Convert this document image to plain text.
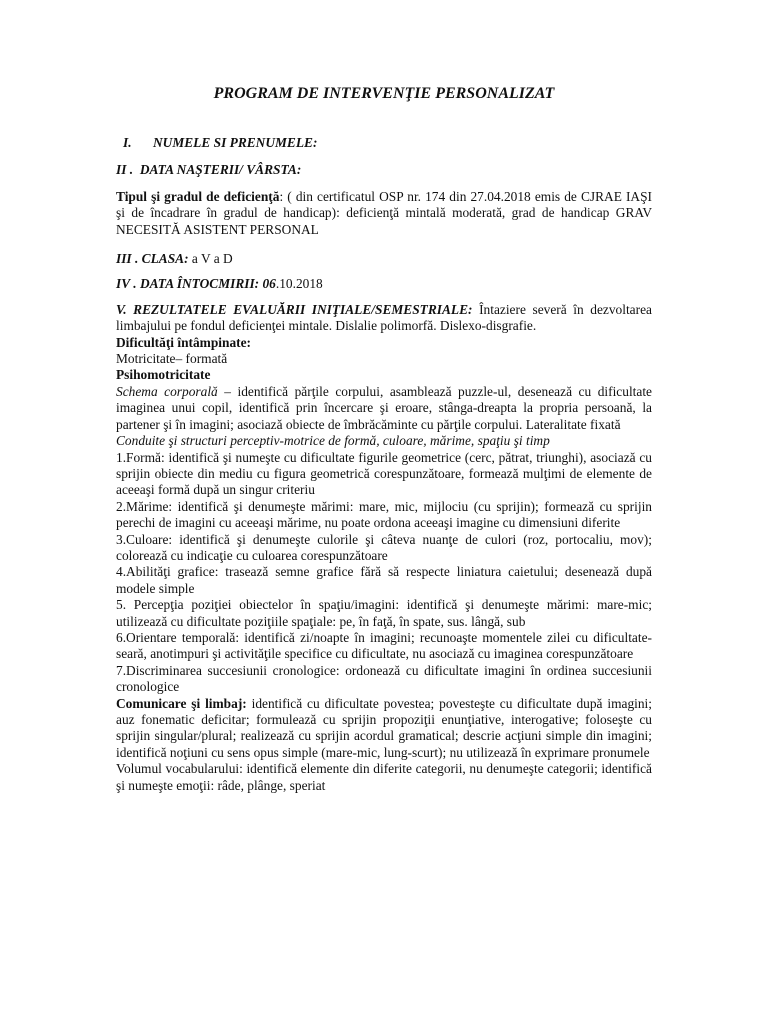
PROGRAM DE INTERVENŢIE PERSONALIZAT

I. NUMELE SI PRENUMELE:

II .  DATA NAŞTERII/ VÂRSTA:

Tipul şi gradul de deficienţă: ( din certificatul OSP nr. 174 din 27.04.2018 emis de CJRAE IAŞI şi de încadrare în gradul de handicap): deficienţă mintală moderată, grad de handicap GRAV NECESITĂ ASISTENT PERSONAL

III . CLASA: a V a D

IV . DATA ÎNTOCMIRII: 06.10.2018

V. REZULTATELE EVALUĂRII INIŢIALE/SEMESTRIALE: Întaziere severă în dezvoltarea limbajului pe fondul deficienţei mintale. Dislalie polimorfă. Dislexo-disgrafie.

Dificultăţi întâmpinate:

Motricitate– formată

Psihomotricitate

Schema corporală – identifică părţile corpului, asamblează puzzle-ul, desenează cu dificultate imaginea unui copil, identifică prin încercare şi eroare, stânga-dreapta la propria persoană, la partener şi în imagini; asociază obiecte de îmbrăcăminte cu părţile corpului. Lateralitate fixată

Conduite şi structuri perceptiv-motrice de formă, culoare, mărime, spaţiu şi timp

1.Formă: identifică şi numeşte cu dificultate figurile geometrice (cerc, pătrat, triunghi), asociază cu sprijin obiecte din mediu cu figura geometrică corespunzătoare, formează mulţimi de elemente de aceeaşi formă după un singur criteriu

2.Mărime: identifică şi denumeşte mărimi: mare, mic, mijlociu (cu sprijin); formează cu sprijin perechi de imagini cu aceeaşi mărime, nu poate ordona aceeaşi imagine cu dimensiuni diferite

3.Culoare: identifică şi denumeşte culorile şi câteva nuanţe de culori (roz, portocaliu, mov); colorează cu indicaţie cu culoarea corespunzătoare

4.Abilităţi grafice: trasează semne grafice fără să respecte liniatura caietului; desenează după modele simple

5. Percepţia poziţiei obiectelor în spaţiu/imagini: identifică şi denumeşte mărimi: mare-mic; utilizează cu dificultate poziţiile spaţiale: pe, în faţă, în spate, sus. lângă, sub

6.Orientare temporală: identifică zi/noapte în imagini; recunoaşte momentele zilei cu dificultate-seară, anotimpuri şi activităţile specifice cu dificultate, nu asociază cu imaginea corespunzătoare

7.Discriminarea succesiunii cronologice: ordonează cu dificultate imagini în ordinea succesiunii cronologice

Comunicare şi limbaj: identifică cu dificultate povestea; povesteşte cu dificultate după imagini; auz fonematic deficitar; formulează cu sprijin propoziţii enunţiative, interogative; foloseşte cu sprijin singular/plural; realizează cu sprijin acordul gramatical; descrie acţiuni simple din imagini; identifică noţiuni cu sens opus simple (mare-mic, lung-scurt); nu utilizează în exprimare pronumele

Volumul vocabularului: identifică elemente din diferite categorii, nu denumeşte categorii; identifică şi numeşte emoţii: râde, plânge, speriat
